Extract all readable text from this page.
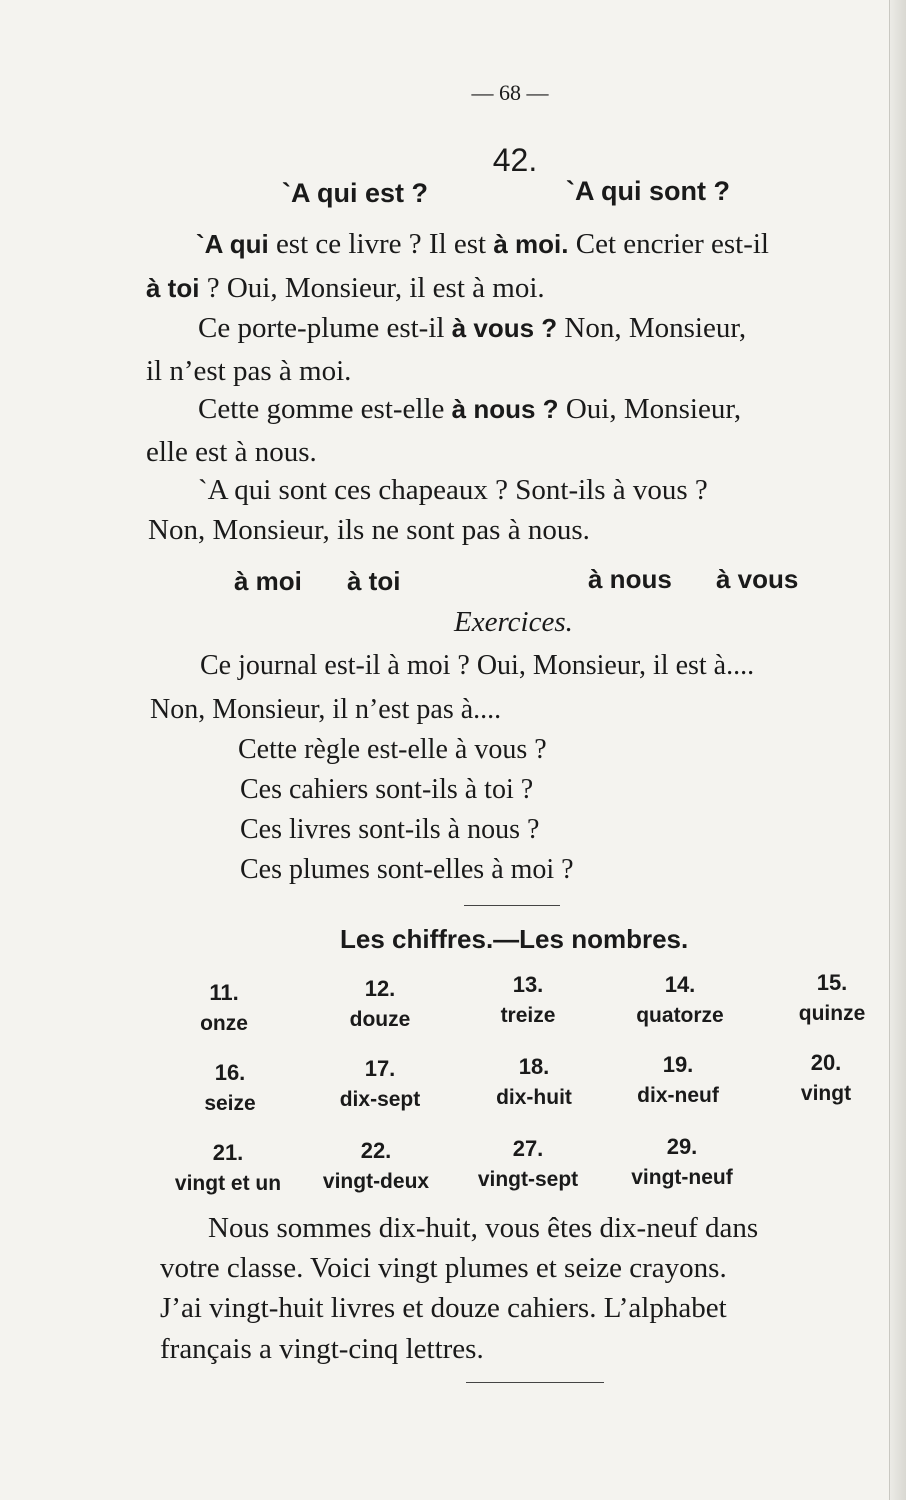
— 68 —
42.
`A qui est ?	`A qui sont ?
`A qui est ce livre ? Il est à moi. Cet encrier est-il
à toi ? Oui, Monsieur, il est à moi.
Ce porte-plume est-il à vous ? Non, Monsieur,
il n’est pas à moi.
Cette gomme est-elle à nous ? Oui, Monsieur,
elle est à nous.
`A qui sont ces chapeaux ? Sont-ils à vous ?
Non, Monsieur, ils ne sont pas à nous.
à moi à toi	à nous à vous
Exercices.
Ce journal est-il à moi ? Oui, Monsieur, il est à....
Non, Monsieur, il n’est pas à....
Cette règle est-elle à vous ?
Ces cahiers sont-ils à toi ?
Ces livres sont-ils à nous ?
Ces plumes sont-elles à moi ?
Les chiffres.—Les nombres.
11.
onze
12.
douze
13.
treize
14.
quatorze
15.
quinze
16.
seize
17.
dix-sept
18.
dix-huit
19.
dix-neuf
20.
vingt
21.
vingt et un
22.
vingt-deux
27.
vingt-sept
29.
vingt-neuf
Nous sommes dix-huit, vous êtes dix-neuf dans
votre classe. Voici vingt plumes et seize crayons.
J’ai vingt-huit livres et douze cahiers. L’alphabet
français a vingt-cinq lettres.
